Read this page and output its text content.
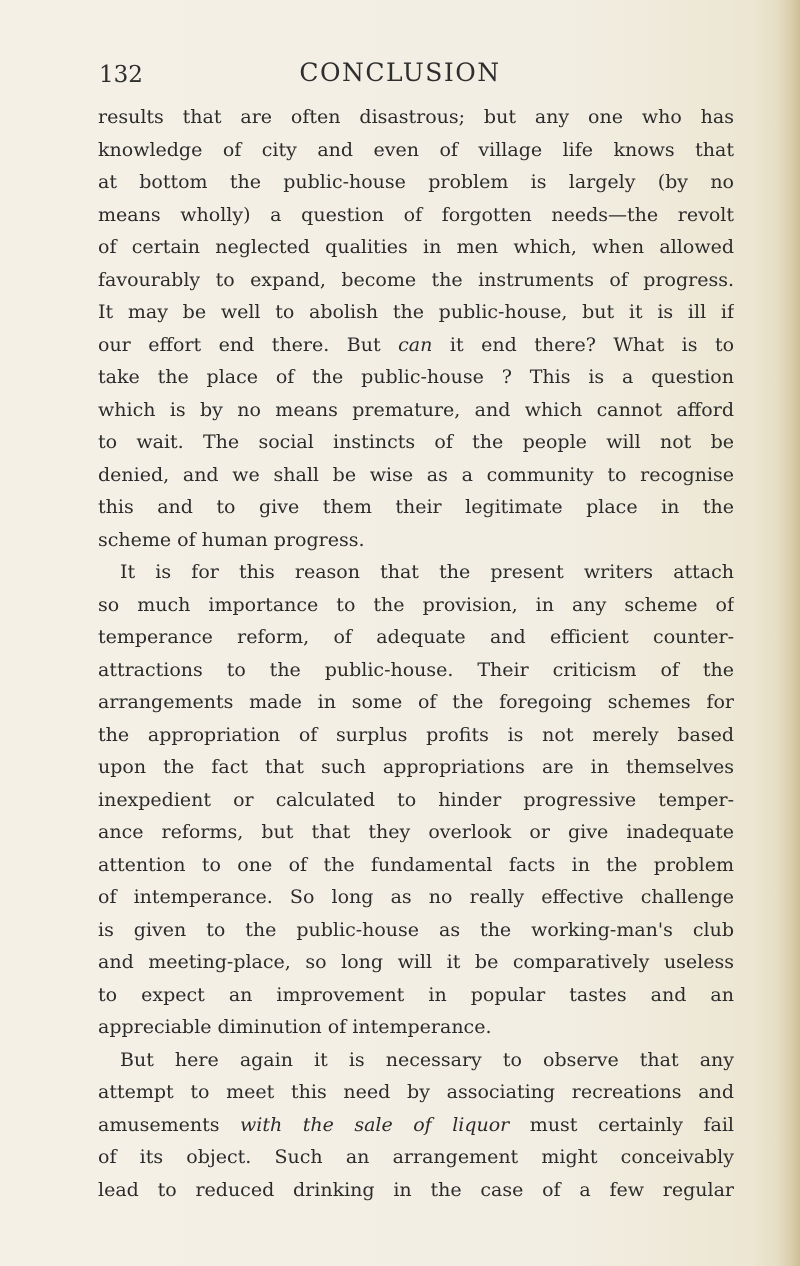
132	CONCLUSION
results that are often disastrous; but any one who has
knowledge of city and even of village life knows that
at bottom the public-house problem is largely (by no
means wholly) a question of forgotten needs—the revolt
of certain neglected qualities in men which, when allowed
favourably to expand, become the instruments of progress.
It may be well to abolish the public-house, but it is ill if
our effort end there. But can it end there? What is to
take the place of the public-house ? This is a question
which is by no means premature, and which cannot afford
to wait. The social instincts of the people will not be
denied, and we shall be wise as a community to recognise
this and to give them their legitimate place in the
scheme of human progress.
It is for this reason that the present writers attach
so much importance to the provision, in any scheme of
temperance reform, of adequate and efficient counter-
attractions to the public-house. Their criticism of the
arrangements made in some of the foregoing schemes for
the appropriation of surplus profits is not merely based
upon the fact that such appropriations are in themselves
inexpedient or calculated to hinder progressive temper-
ance reforms, but that they overlook or give inadequate
attention to one of the fundamental facts in the problem
of intemperance. So long as no really effective challenge
is given to the public-house as the working-man's club
and meeting-place, so long will it be comparatively useless
to expect an improvement in popular tastes and an
appreciable diminution of intemperance.
But here again it is necessary to observe that any
attempt to meet this need by associating recreations and
amusements with the sale of liquor must certainly fail
of its object. Such an arrangement might conceivably
lead to reduced drinking in the case of a few regular
